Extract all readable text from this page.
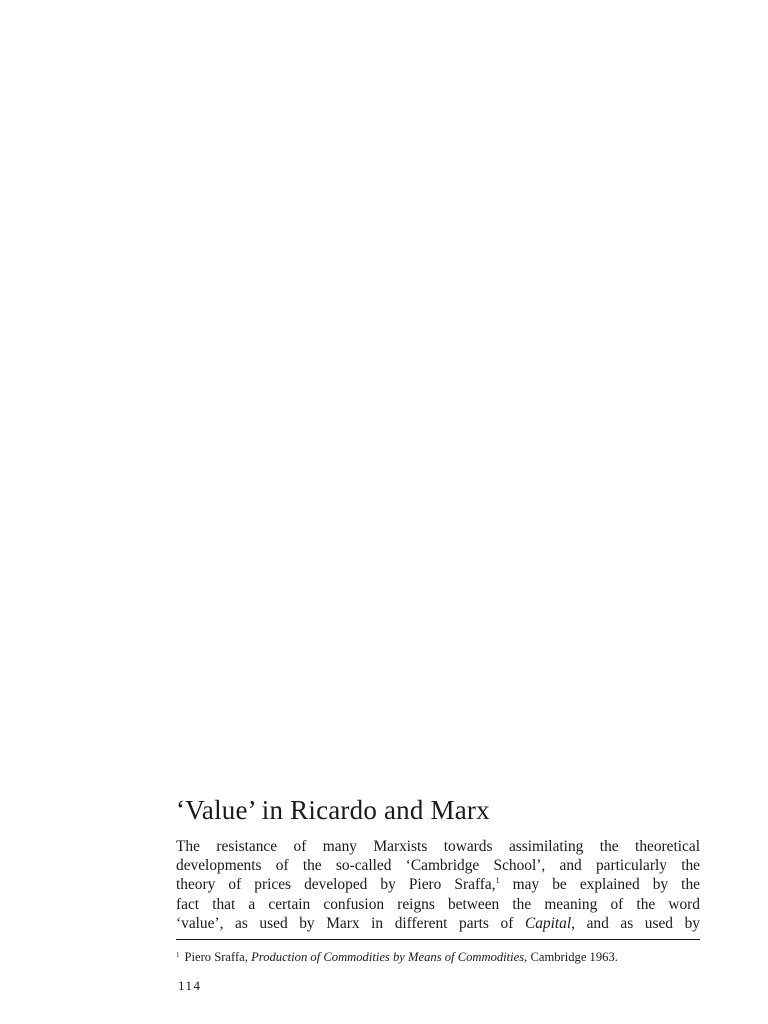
‘Value’ in Ricardo and Marx
The resistance of many Marxists towards assimilating the theoretical
developments of the so-called ‘Cambridge School’, and particularly the
theory of prices developed by Piero Sraffa,$^1$ may be explained by the
fact that a certain confusion reigns between the meaning of the word
‘value’, as used by Marx in different parts of Capital, and as used by

$^1$ Piero Sraffa, Production of Commodities by Means of Commodities, Cambridge 1963.

114
